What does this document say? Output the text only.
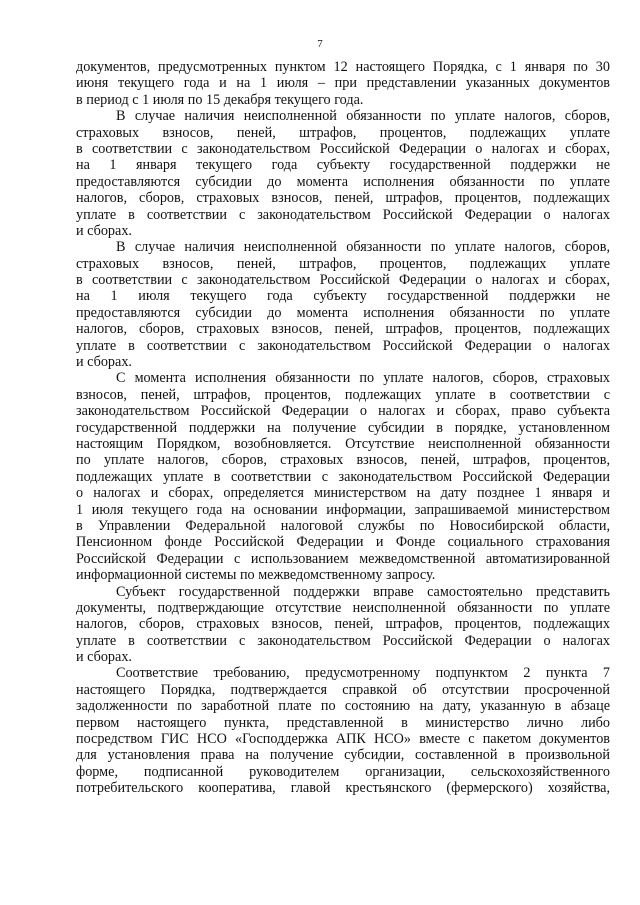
7
документов, предусмотренных пунктом 12 настоящего Порядка, с 1 января по 30
июня текущего года и на 1 июля – при представлении указанных документов
в период с 1 июля по 15 декабря текущего года.
В случае наличия неисполненной обязанности по уплате налогов, сборов,
страховых взносов, пеней, штрафов, процентов, подлежащих уплате
в соответствии с законодательством Российской Федерации о налогах и сборах,
на 1 января текущего года субъекту государственной поддержки не
предоставляются субсидии до момента исполнения обязанности по уплате
налогов, сборов, страховых взносов, пеней, штрафов, процентов, подлежащих
уплате в соответствии с законодательством Российской Федерации о налогах
и сборах.
В случае наличия неисполненной обязанности по уплате налогов, сборов,
страховых взносов, пеней, штрафов, процентов, подлежащих уплате
в соответствии с законодательством Российской Федерации о налогах и сборах,
на 1 июля текущего года субъекту государственной поддержки не
предоставляются субсидии до момента исполнения обязанности по уплате
налогов, сборов, страховых взносов, пеней, штрафов, процентов, подлежащих
уплате в соответствии с законодательством Российской Федерации о налогах
и сборах.
С момента исполнения обязанности по уплате налогов, сборов, страховых
взносов, пеней, штрафов, процентов, подлежащих уплате в соответствии с
законодательством Российской Федерации о налогах и сборах, право субъекта
государственной поддержки на получение субсидии в порядке, установленном
настоящим Порядком, возобновляется. Отсутствие неисполненной обязанности
по уплате налогов, сборов, страховых взносов, пеней, штрафов, процентов,
подлежащих уплате в соответствии с законодательством Российской Федерации
о налогах и сборах, определяется министерством на дату позднее 1 января и
1 июля текущего года на основании информации, запрашиваемой министерством
в Управлении Федеральной налоговой службы по Новосибирской области,
Пенсионном фонде Российской Федерации и Фонде социального страхования
Российской Федерации с использованием межведомственной автоматизированной
информационной системы по межведомственному запросу.
Субъект государственной поддержки вправе самостоятельно представить
документы, подтверждающие отсутствие неисполненной обязанности по уплате
налогов, сборов, страховых взносов, пеней, штрафов, процентов, подлежащих
уплате в соответствии с законодательством Российской Федерации о налогах
и сборах.
Соответствие требованию, предусмотренному подпунктом 2 пункта 7
настоящего Порядка, подтверждается справкой об отсутствии просроченной
задолженности по заработной плате по состоянию на дату, указанную в абзаце
первом настоящего пункта, представленной в министерство лично либо
посредством ГИС НСО «Господдержка АПК НСО» вместе с пакетом документов
для установления права на получение субсидии, составленной в произвольной
форме, подписанной руководителем организации, сельскохозяйственного
потребительского кооператива, главой крестьянского (фермерского) хозяйства,
